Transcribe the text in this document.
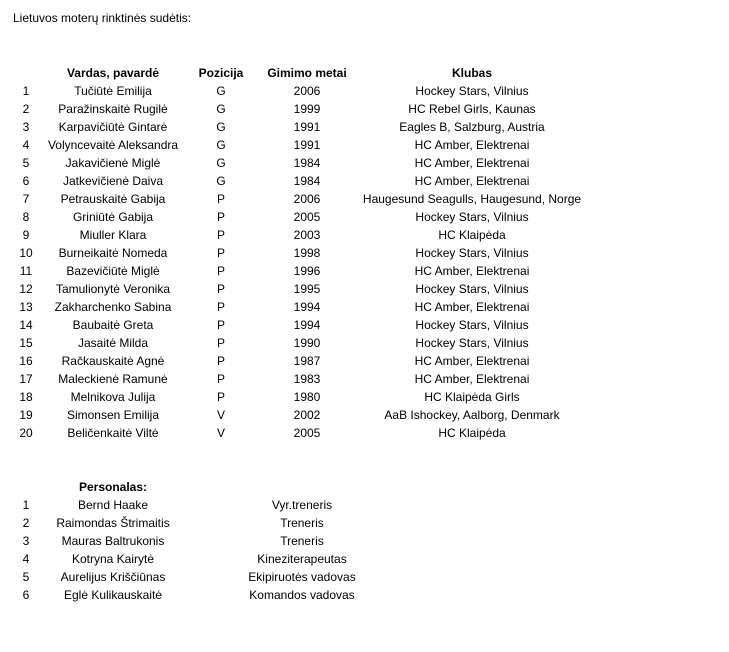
Lietuvos moterų rinktinės sudėtis:
	Vardas, pavardė	Pozicija	Gimimo metai	Klubas
1	Tučiūtė Emilija	G	2006	Hockey Stars, Vilnius
2	Paražinskaitė Rugilė	G	1999	HC Rebel Girls, Kaunas
3	Karpavičiūtė Gintarė	G	1991	Eagles B, Salzburg, Austria
4	Volyncevaitė Aleksandra	G	1991	HC Amber, Elektrenai
5	Jakavičienė Miglė	G	1984	HC Amber, Elektrenai
6	Jatkevičienė Daiva	G	1984	HC Amber, Elektrenai
7	Petrauskaitė Gabija	P	2006	Haugesund Seagulls, Haugesund, Norge
8	Griniūtė Gabija	P	2005	Hockey Stars, Vilnius
9	Miuller Klara	P	2003	HC Klaipėda
10	Burneikaitė Nomeda	P	1998	Hockey Stars, Vilnius
11	Bazevičiūtė Miglė	P	1996	HC Amber, Elektrenai
12	Tamulionytė Veronika	P	1995	Hockey Stars, Vilnius
13	Zakharchenko Sabina	P	1994	HC Amber, Elektrenai
14	Baubaitė Greta	P	1994	Hockey Stars, Vilnius
15	Jasaitė Milda	P	1990	Hockey Stars, Vilnius
16	Račkauskaitė Agnė	P	1987	HC Amber, Elektrenai
17	Maleckienė Ramunė	P	1983	HC Amber, Elektrenai
18	Melnikova Julija	P	1980	HC Klaipėda Girls
19	Simonsen Emilija	V	2002	AaB Ishockey, Aalborg, Denmark
20	Beličenkaitė Viltė	V	2005	HC Klaipėda
	Personalas:		
1	Bernd Haake		Vyr.treneris
2	Raimondas Štrimaitis		Treneris
3	Mauras Baltrukonis		Treneris
4	Kotryna Kairytė		Kineziterapeutas
5	Aurelijus Kriščiūnas		Ekipiruotės vadovas
6	Eglė Kulikauskaitė		Komandos vadovas
